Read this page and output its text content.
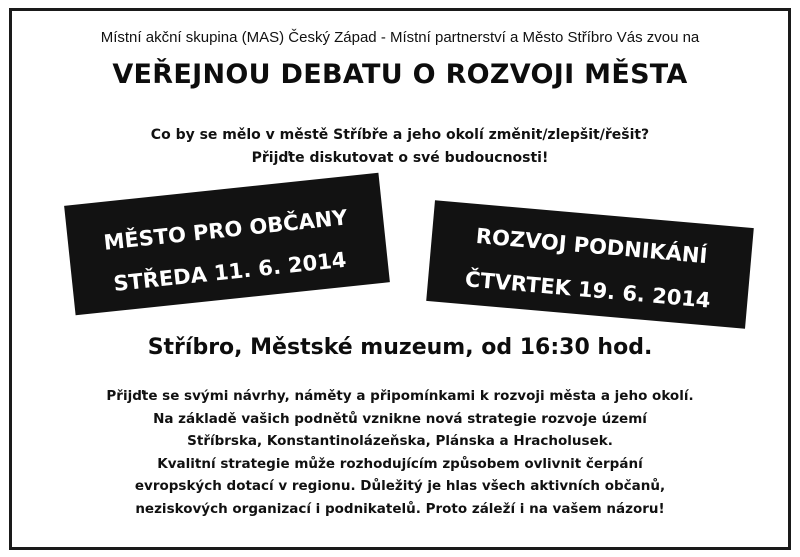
Místní akční skupina (MAS) Český Západ - Místní partnerství a Město Stříbro Vás zvou na
VEŘEJNOU DEBATU O ROZVOJI MĚSTA
Co by se mělo v městě Stříbře a jeho okolí změnit/zlepšit/řešit?
Přijďte diskutovat o své budoucnosti!
MĚSTO PRO OBČANY
STŘEDA 11. 6. 2014
ROZVOJ PODNIKÁNÍ
ČTVRTEK 19. 6. 2014
Stříbro, Městské muzeum, od 16:30 hod.
Přijďte se svými návrhy, náměty a připomínkami k rozvoji města a jeho okolí.
Na základě vašich podnětů vznikne nová strategie rozvoje území
Stříbrska, Konstantinolázeňska, Plánska a Hracholusek.
Kvalitní strategie může rozhodujícím způsobem ovlivnit čerpání
evropských dotací v regionu. Důležitý je hlas všech aktivních občanů,
neziskových organizací i podnikatelů. Proto záleží i na vašem názoru!
